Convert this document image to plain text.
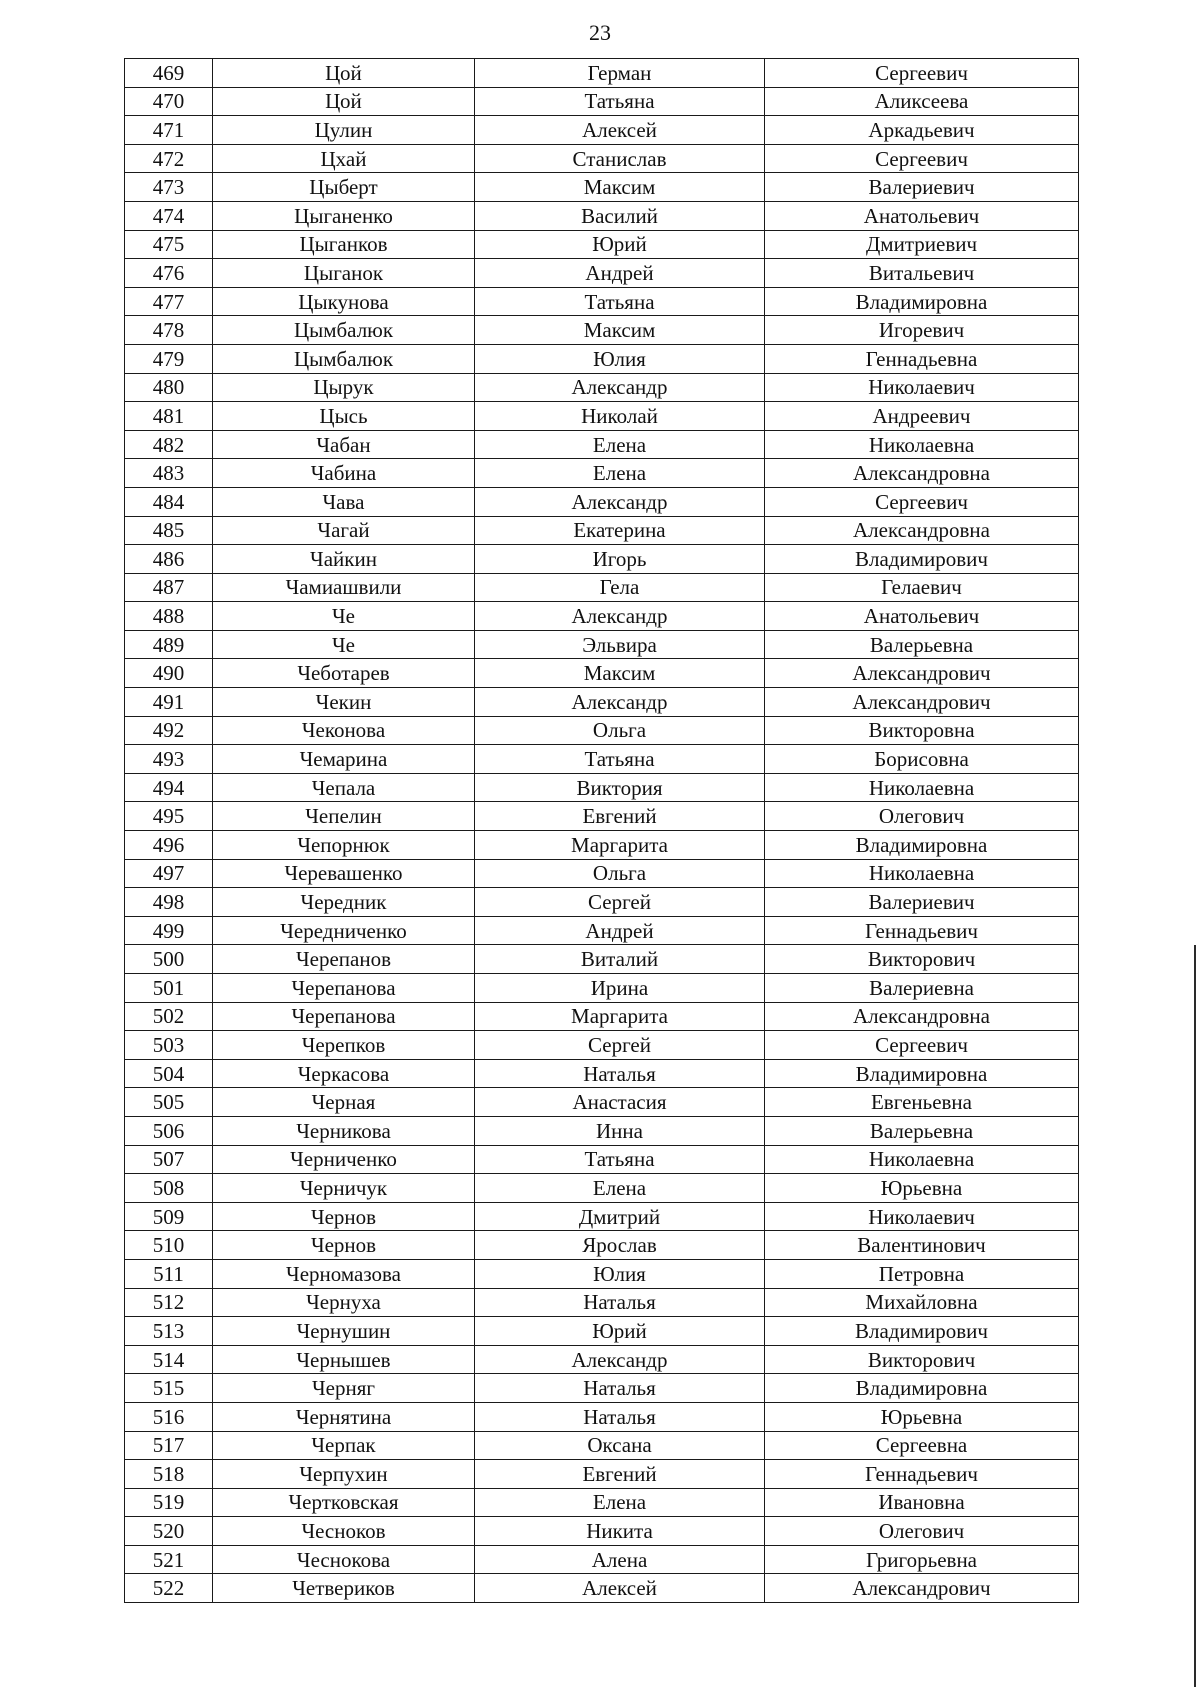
23
469	Цой	Герман	Сергеевич
470	Цой	Татьяна	Аликсеева
471	Цулин	Алексей	Аркадьевич
472	Цхай	Станислав	Сергеевич
473	Цыберт	Максим	Валериевич
474	Цыганенко	Василий	Анатольевич
475	Цыганков	Юрий	Дмитриевич
476	Цыганок	Андрей	Витальевич
477	Цыкунова	Татьяна	Владимировна
478	Цымбалюк	Максим	Игоревич
479	Цымбалюк	Юлия	Геннадьевна
480	Цырук	Александр	Николаевич
481	Цысь	Николай	Андреевич
482	Чабан	Елена	Николаевна
483	Чабина	Елена	Александровна
484	Чава	Александр	Сергеевич
485	Чагай	Екатерина	Александровна
486	Чайкин	Игорь	Владимирович
487	Чамиашвили	Гела	Гелаевич
488	Че	Александр	Анатольевич
489	Че	Эльвира	Валерьевна
490	Чеботарев	Максим	Александрович
491	Чекин	Александр	Александрович
492	Чеконова	Ольга	Викторовна
493	Чемарина	Татьяна	Борисовна
494	Чепала	Виктория	Николаевна
495	Чепелин	Евгений	Олегович
496	Чепорнюк	Маргарита	Владимировна
497	Черевашенко	Ольга	Николаевна
498	Чередник	Сергей	Валериевич
499	Чередниченко	Андрей	Геннадьевич
500	Черепанов	Виталий	Викторович
501	Черепанова	Ирина	Валериевна
502	Черепанова	Маргарита	Александровна
503	Черепков	Сергей	Сергеевич
504	Черкасова	Наталья	Владимировна
505	Черная	Анастасия	Евгеньевна
506	Черникова	Инна	Валерьевна
507	Черниченко	Татьяна	Николаевна
508	Черничук	Елена	Юрьевна
509	Чернов	Дмитрий	Николаевич
510	Чернов	Ярослав	Валентинович
511	Черномазова	Юлия	Петровна
512	Чернуха	Наталья	Михайловна
513	Чернушин	Юрий	Владимирович
514	Чернышев	Александр	Викторович
515	Черняг	Наталья	Владимировна
516	Чернятина	Наталья	Юрьевна
517	Черпак	Оксана	Сергеевна
518	Черпухин	Евгений	Геннадьевич
519	Чертковская	Елена	Ивановна
520	Чесноков	Никита	Олегович
521	Чеснокова	Алена	Григорьевна
522	Четвериков	Алексей	Александрович
